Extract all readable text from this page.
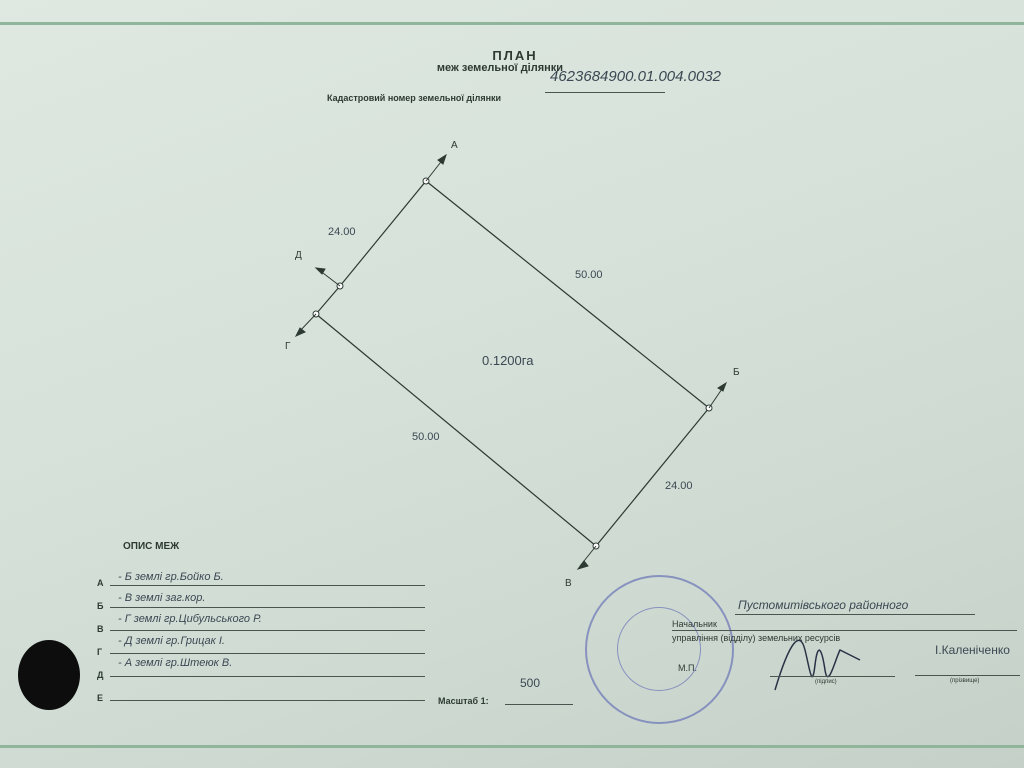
ПЛАН
меж земельної ділянки
Кадастровий номер земельної ділянки
4623684900.01.004.0032
А
Б
В
Г
Д
24.00
50.00
50.00
24.00
0.1200га
ОПИС МЕЖ
А - Б землі гр.Бойко Б.
Б
- В землі заг.кор.
В
- Г землі гр.Цибульського Р.
Г
- Д землі гр.Грицак І.
Д
- А землі гр.Штеюк В.
Е	Масштаб 1:
500
Пустомитівського районного
Начальник
управління (відділу) земельних ресурсів
М.П.
(підпис)
І.Каленіченко
(прізвище)
